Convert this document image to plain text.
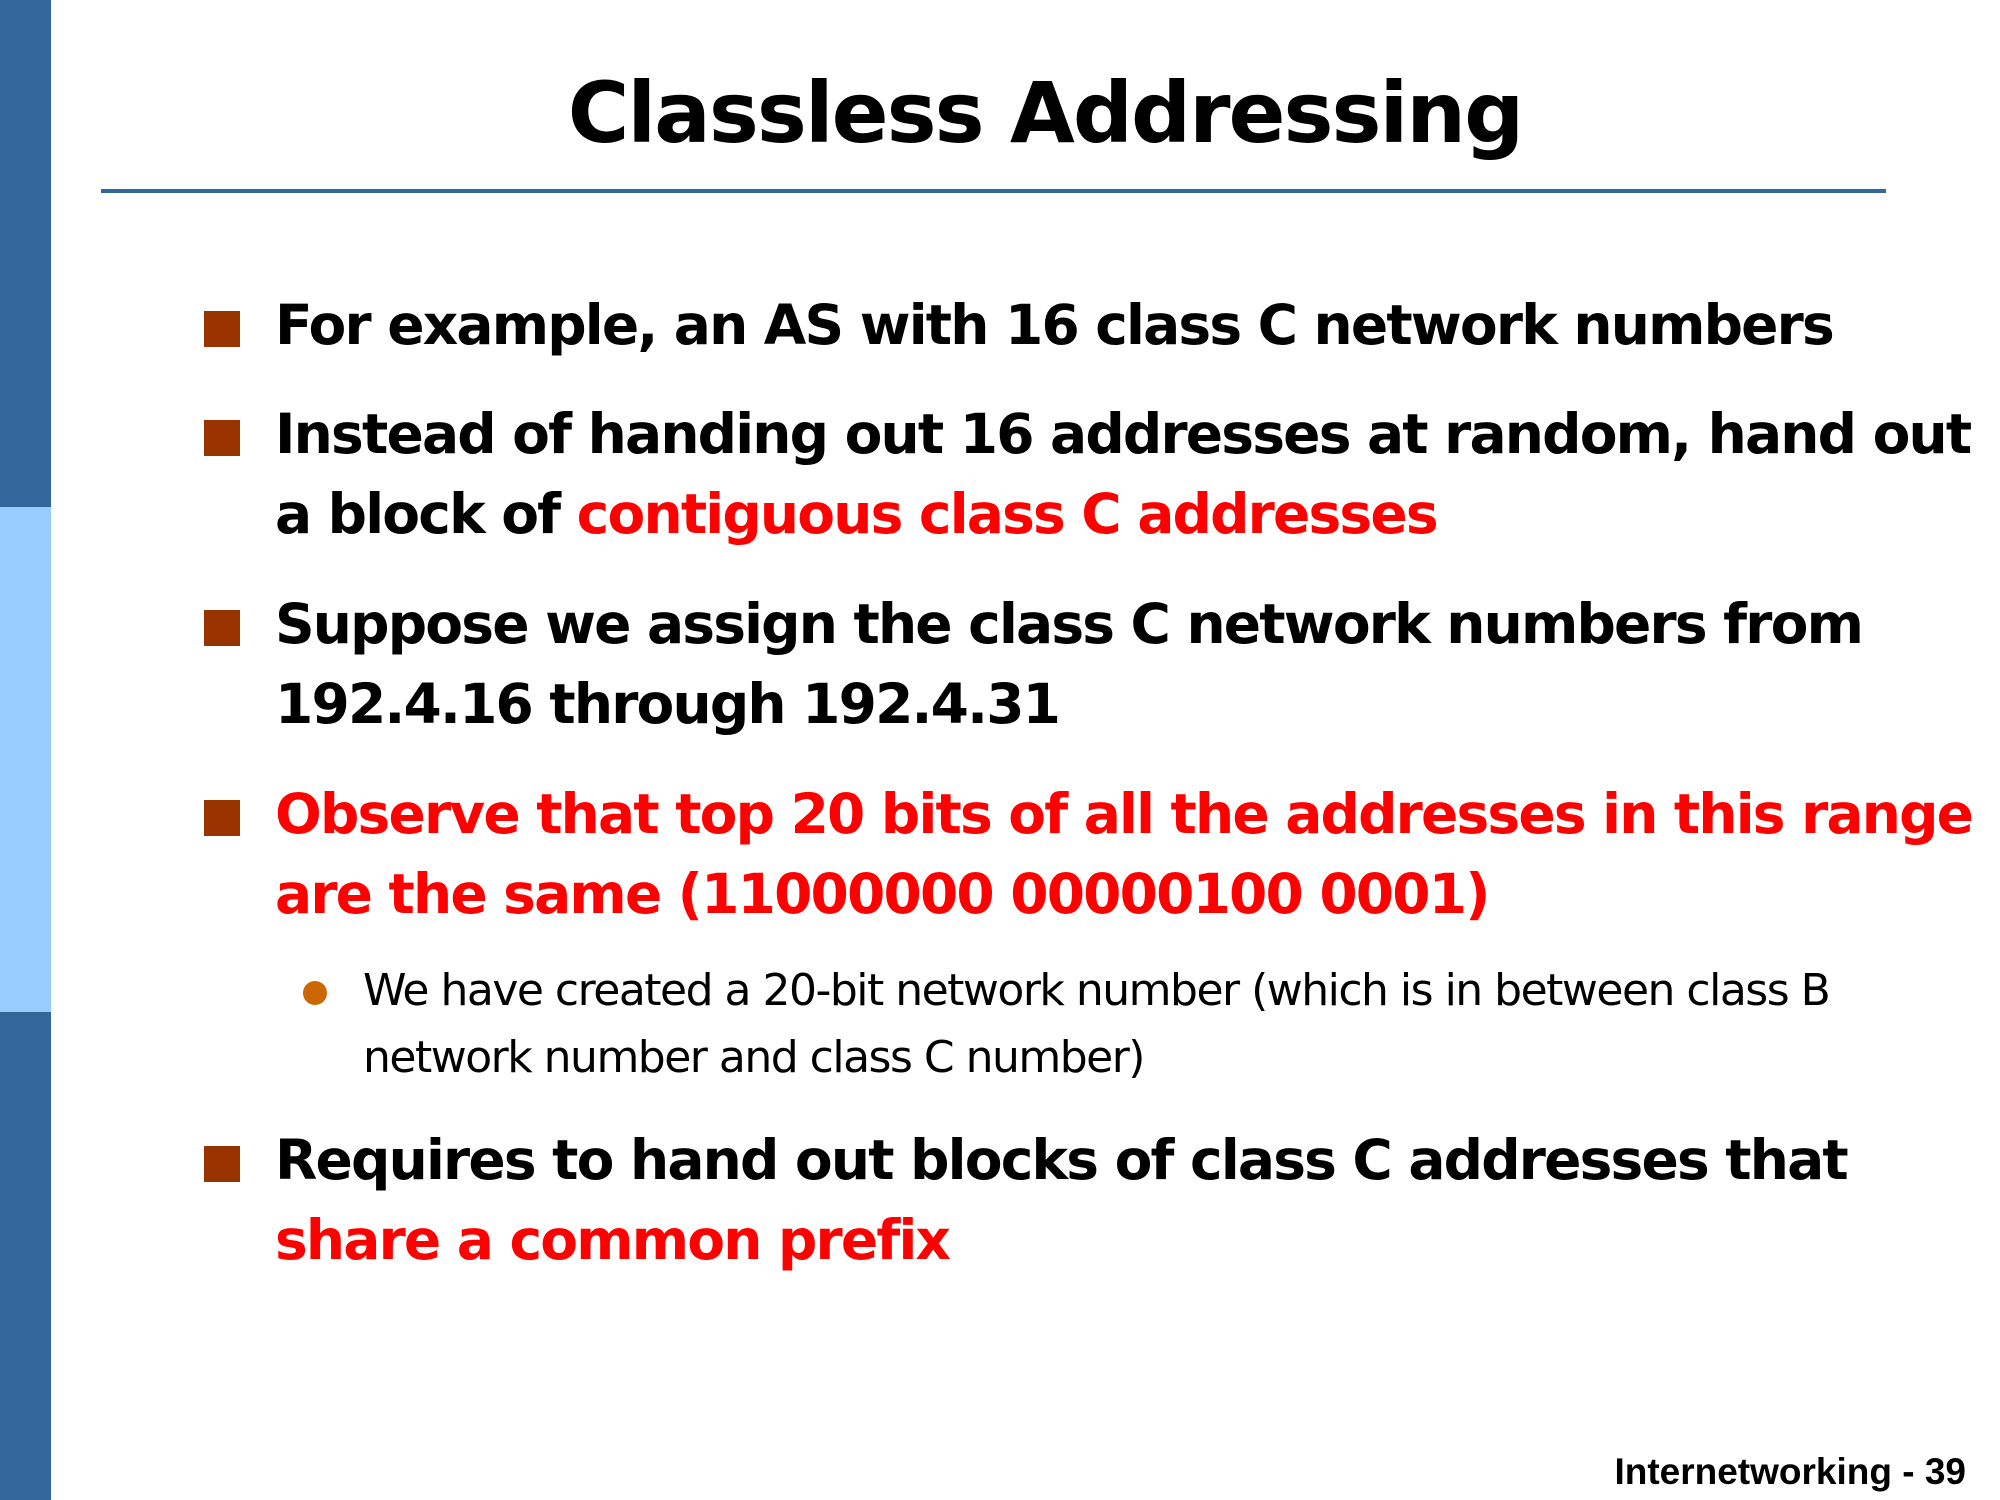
Classless Addressing
For example, an AS with 16 class C network numbers
Instead of handing out 16 addresses at random, hand out a block of contiguous class C addresses
Suppose we assign the class C network numbers from 192.4.16 through 192.4.31
Observe that top 20 bits of all the addresses in this range are the same (11000000 00000100 0001)
We have created a 20-bit network number (which is in between class B network number and class C number)
Requires to hand out blocks of class C addresses that share a common prefix
Internetworking - 39
